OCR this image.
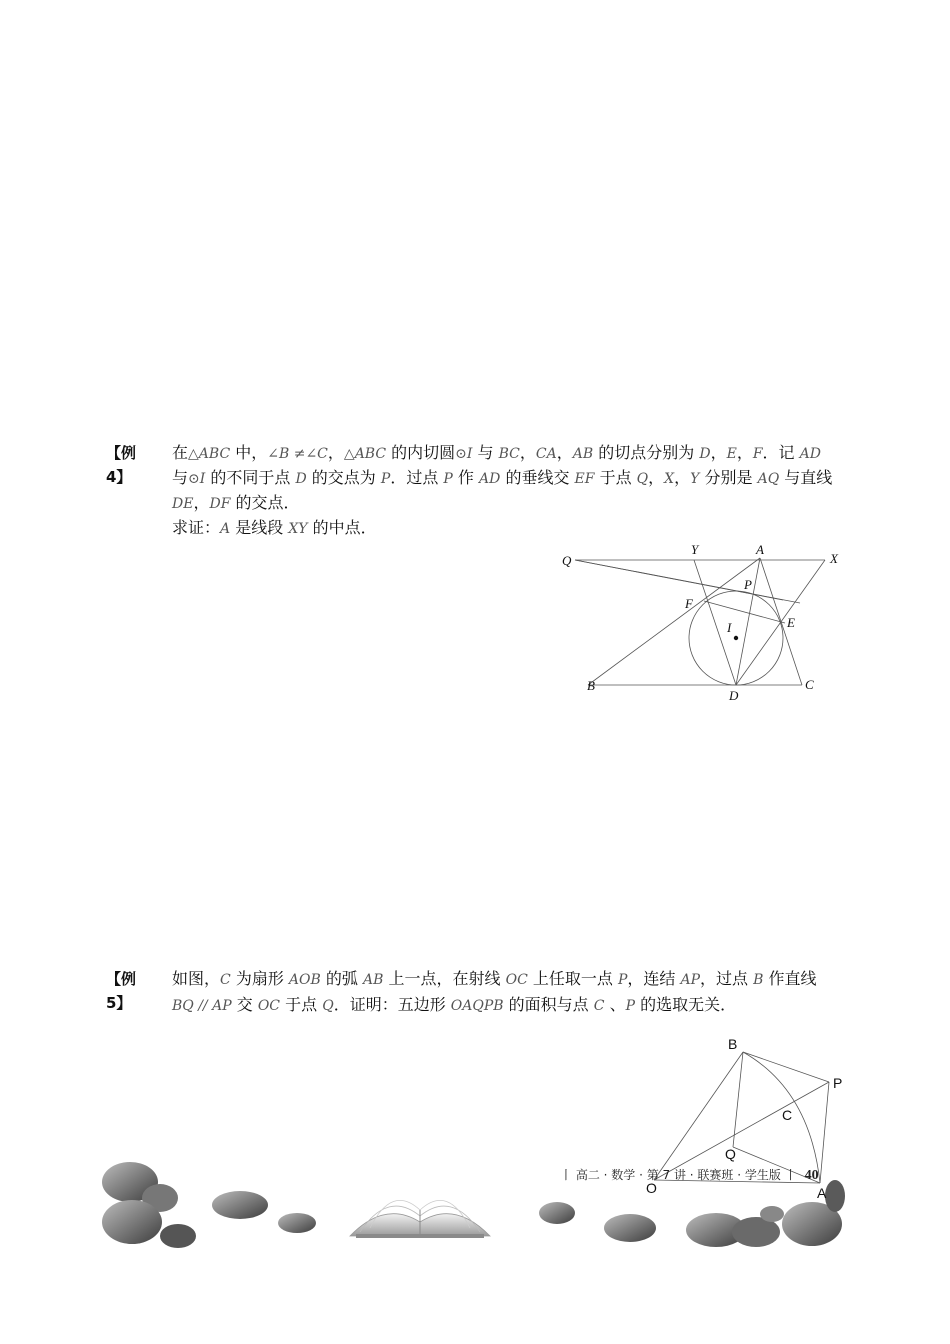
【例4】
在△ABC 中，∠B ≠∠C，△ABC 的内切圆⊙I 与 BC，CA，AB 的切点分别为 D，E，F．记 AD
与⊙I 的不同于点 D 的交点为 P．过点 P 作 AD 的垂线交 EF 于点 Q，X，Y 分别是 AQ 与直线
DE，DF 的交点．
求证：A 是线段 XY 的中点．
Q
Y	A
X
P
F
I	E
B
D
C
【例5】
如图，C 为扇形 AOB 的弧 AB 上一点，在射线 OC 上任取一点 P，连结 AP，过点 B 作直线
BQ // AP 交 OC 于点 Q．证明：五边形 OAQPB 的面积与点 C 、P 的选取无关．
B
P
C
Q
O	A
丨 高二 · 数学 · 第 7 讲 · 联赛班 · 学生版 丨 40
